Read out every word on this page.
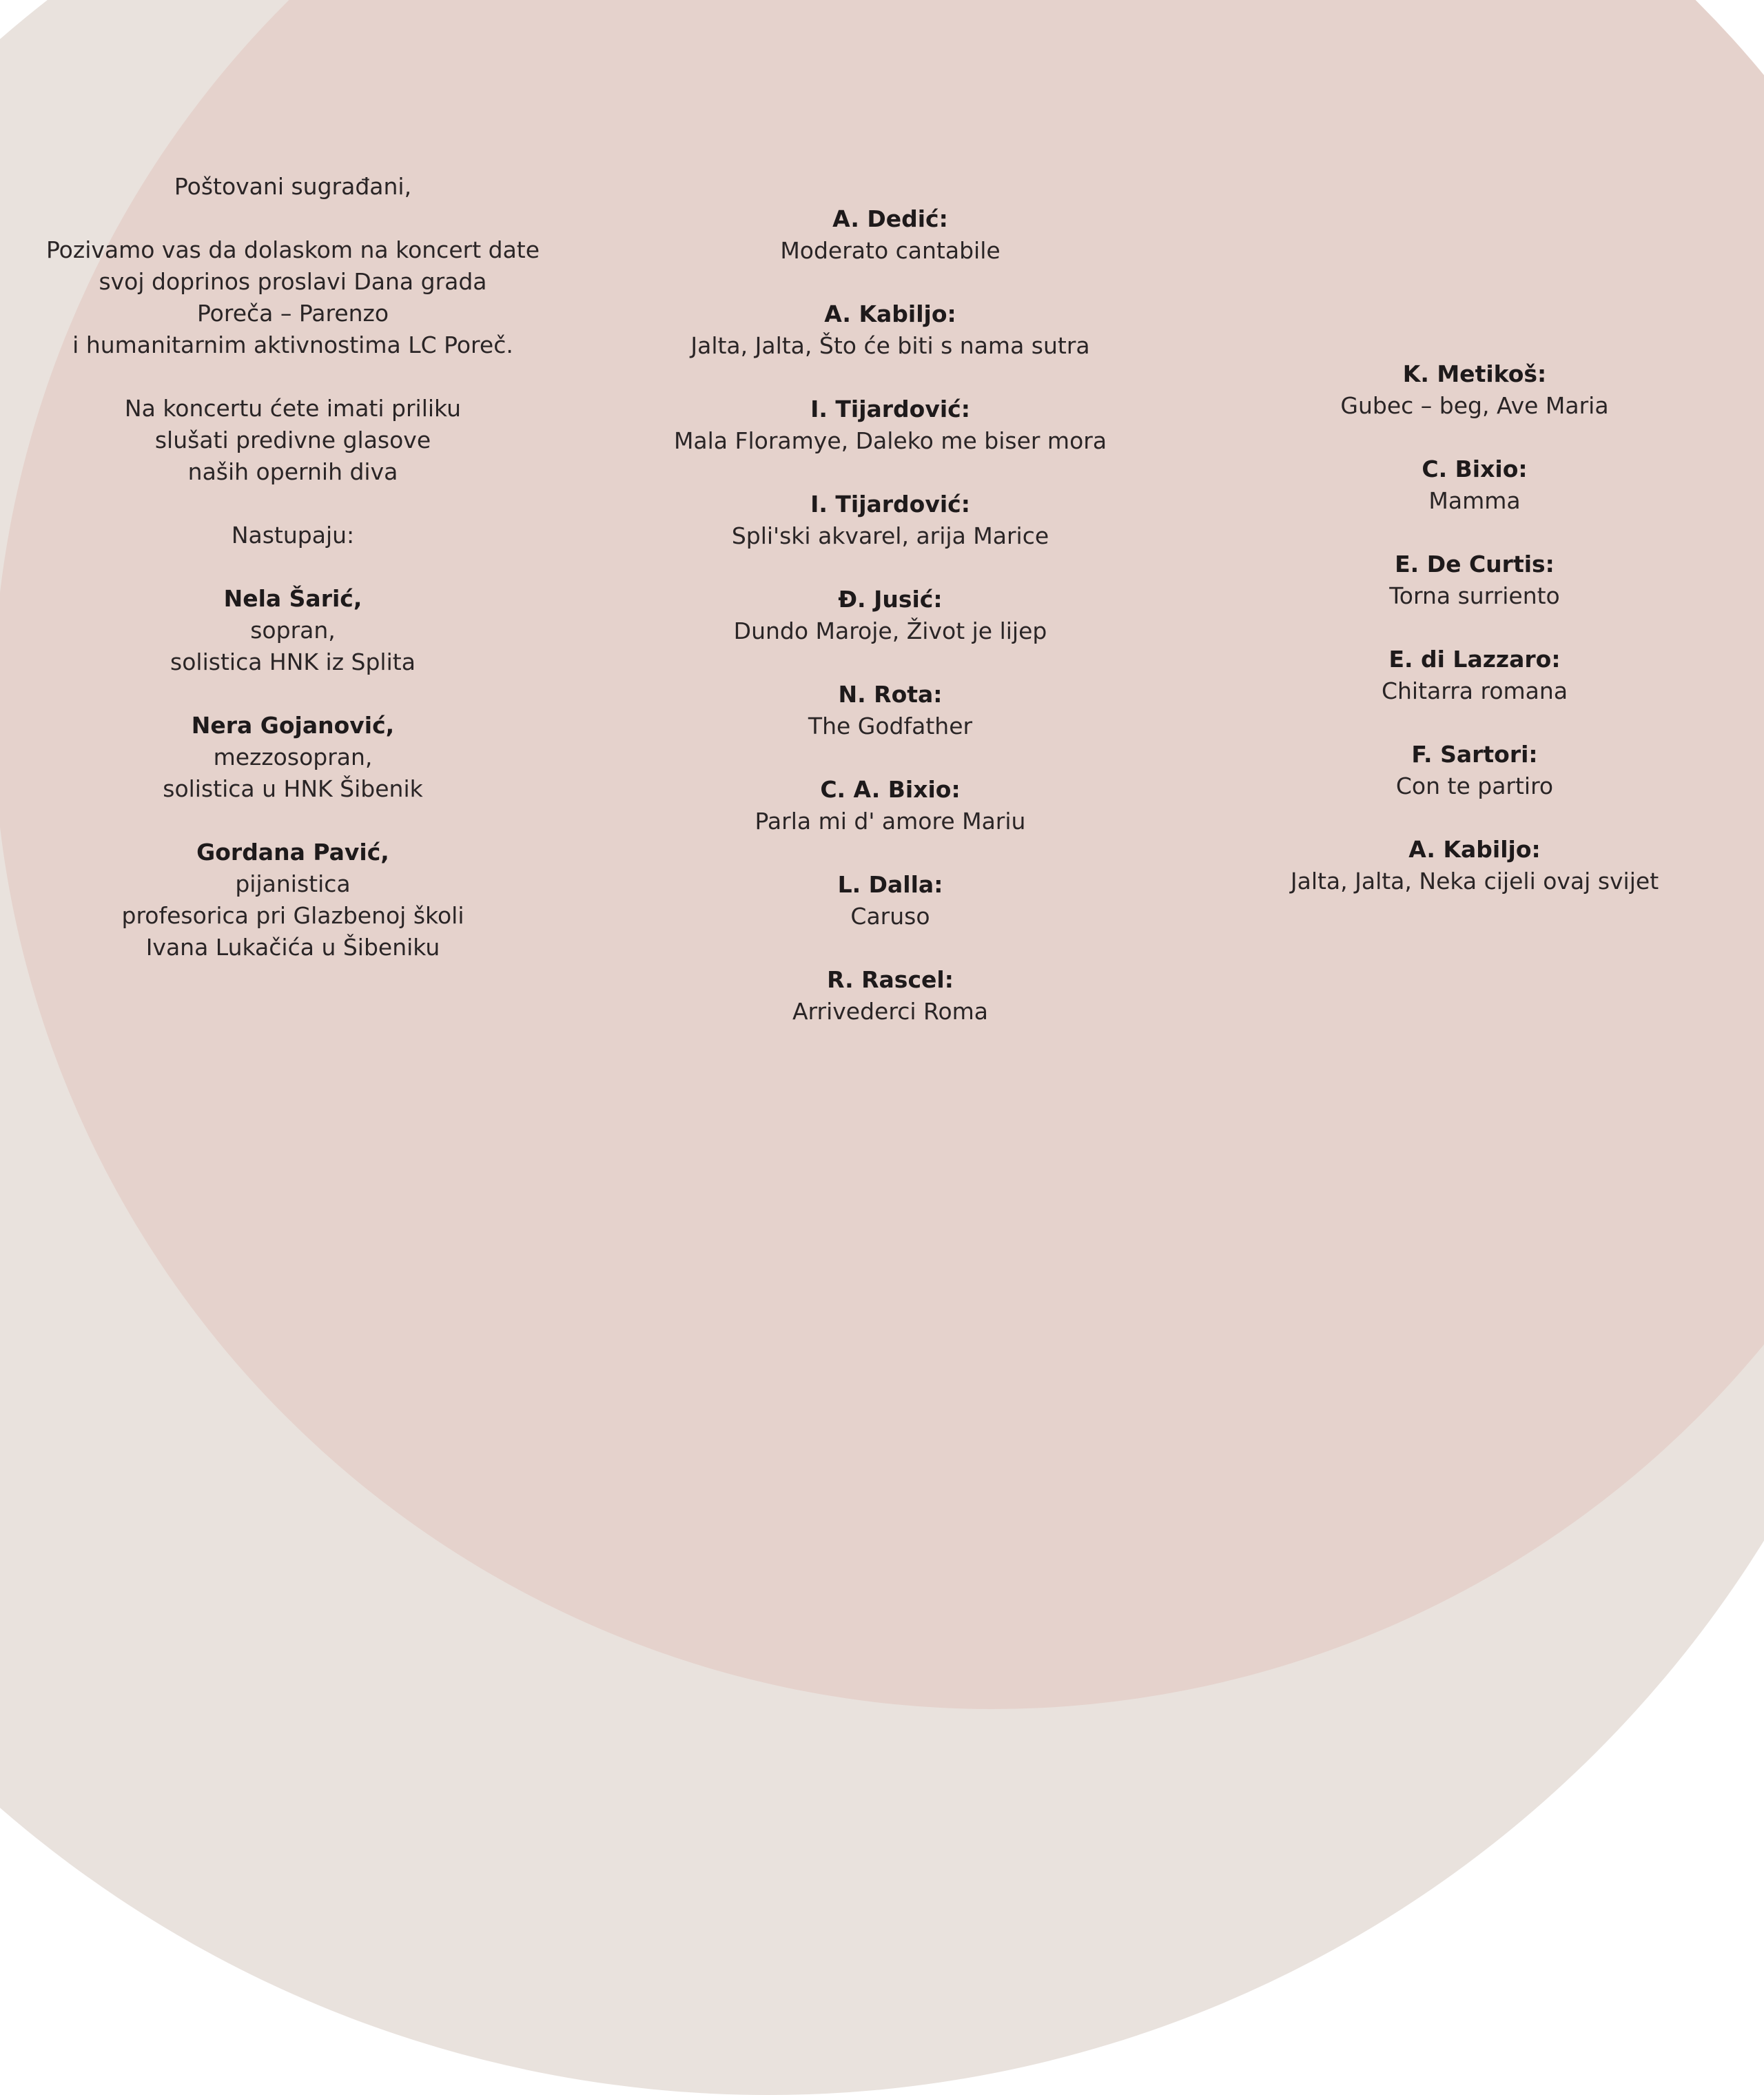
Poštovani sugrađani,
Pozivamo vas da dolaskom na koncert date
svoj doprinos proslavi Dana grada
Poreča – Parenzo
i humanitarnim aktivnostima LC Poreč.
Na koncertu ćete imati priliku
slušati predivne glasove
naših opernih diva
Nastupaju:
Nela Šarić,
sopran,
solistica HNK iz Splita
Nera Gojanović,
mezzosopran,
solistica u HNK Šibenik
Gordana Pavić,
pijanistica
profesorica pri Glazbenoj školi
Ivana Lukačića u Šibeniku
A. Dedić:
Moderato cantabile
A. Kabiljo:
Jalta, Jalta, Što će biti s nama sutra
I. Tijardović:
Mala Floramye, Daleko me biser mora
I. Tijardović:
Spli'ski akvarel, arija Marice
Đ. Jusić:
Dundo Maroje, Život je lijep
N. Rota:
The Godfather
C. A. Bixio:
Parla mi d' amore Mariu
L. Dalla:
Caruso
R. Rascel:
Arrivederci Roma
K. Metikoš:
Gubec – beg, Ave Maria
C. Bixio:
Mamma
E. De Curtis:
Torna surriento
E. di Lazzaro:
Chitarra romana
F. Sartori:
Con te partiro
A. Kabiljo:
Jalta, Jalta, Neka cijeli ovaj svijet
